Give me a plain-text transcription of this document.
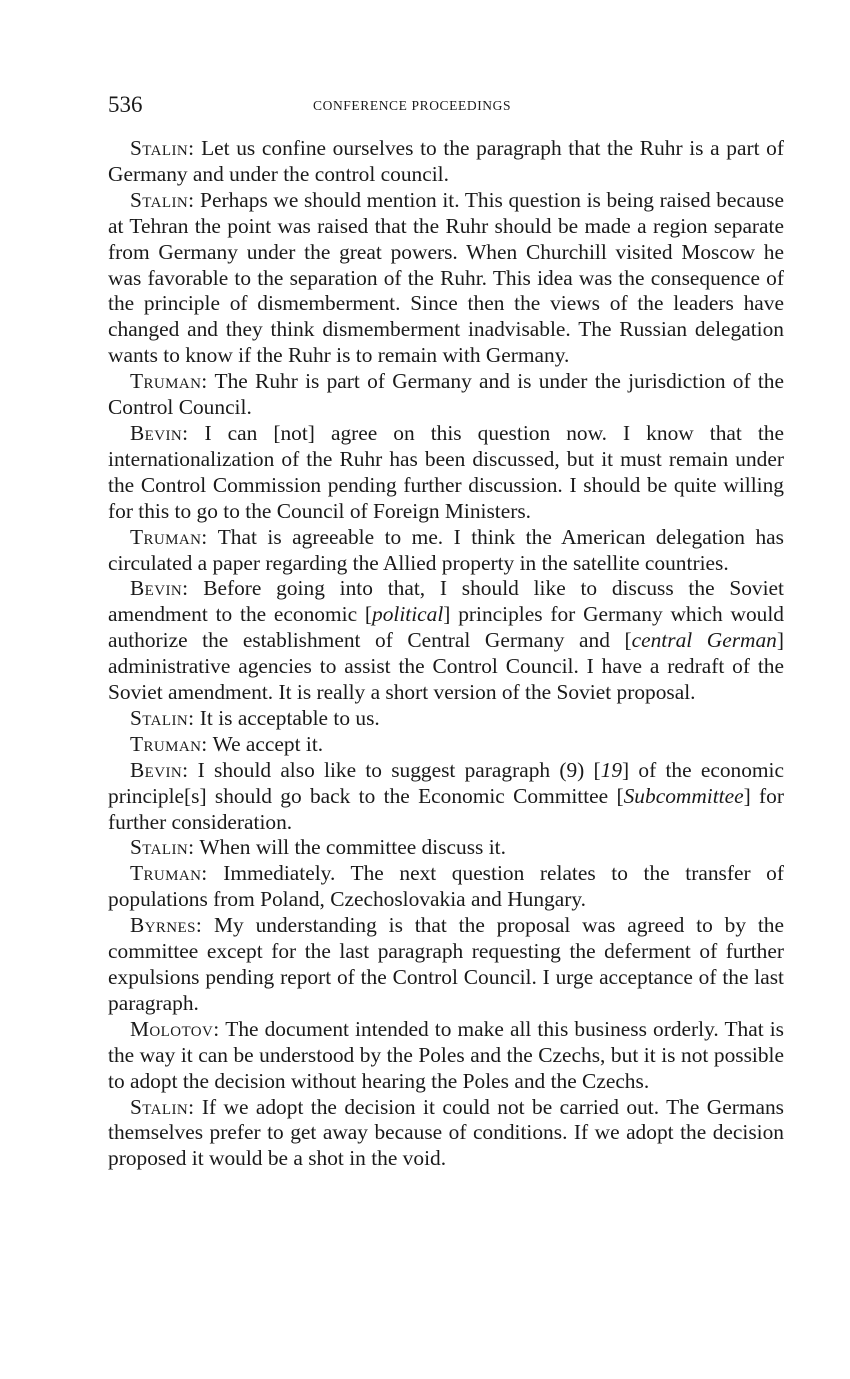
536	CONFERENCE PROCEEDINGS

Stalin: Let us confine ourselves to the paragraph that the Ruhr is a part of Germany and under the control council.

Stalin: Perhaps we should mention it. This question is being raised because at Tehran the point was raised that the Ruhr should be made a region separate from Germany under the great powers. When Churchill visited Moscow he was favorable to the separation of the Ruhr. This idea was the consequence of the principle of dismemberment. Since then the views of the leaders have changed and they think dismemberment inadvisable. The Russian delegation wants to know if the Ruhr is to remain with Germany.

Truman: The Ruhr is part of Germany and is under the jurisdiction of the Control Council.

Bevin: I can [not] agree on this question now. I know that the internationalization of the Ruhr has been discussed, but it must remain under the Control Commission pending further discussion. I should be quite willing for this to go to the Council of Foreign Ministers.

Truman: That is agreeable to me. I think the American delegation has circulated a paper regarding the Allied property in the satellite countries.

Bevin: Before going into that, I should like to discuss the Soviet amendment to the economic [political] principles for Germany which would authorize the establishment of Central Germany and [central German] administrative agencies to assist the Control Council. I have a redraft of the Soviet amendment. It is really a short version of the Soviet proposal.

Stalin: It is acceptable to us.

Truman: We accept it.

Bevin: I should also like to suggest paragraph (9) [19] of the economic principle[s] should go back to the Economic Committee [Subcommittee] for further consideration.

Stalin: When will the committee discuss it.

Truman: Immediately. The next question relates to the transfer of populations from Poland, Czechoslovakia and Hungary.

Byrnes: My understanding is that the proposal was agreed to by the committee except for the last paragraph requesting the deferment of further expulsions pending report of the Control Council. I urge acceptance of the last paragraph.

Molotov: The document intended to make all this business orderly. That is the way it can be understood by the Poles and the Czechs, but it is not possible to adopt the decision without hearing the Poles and the Czechs.

Stalin: If we adopt the decision it could not be carried out. The Germans themselves prefer to get away because of conditions. If we adopt the decision proposed it would be a shot in the void.
